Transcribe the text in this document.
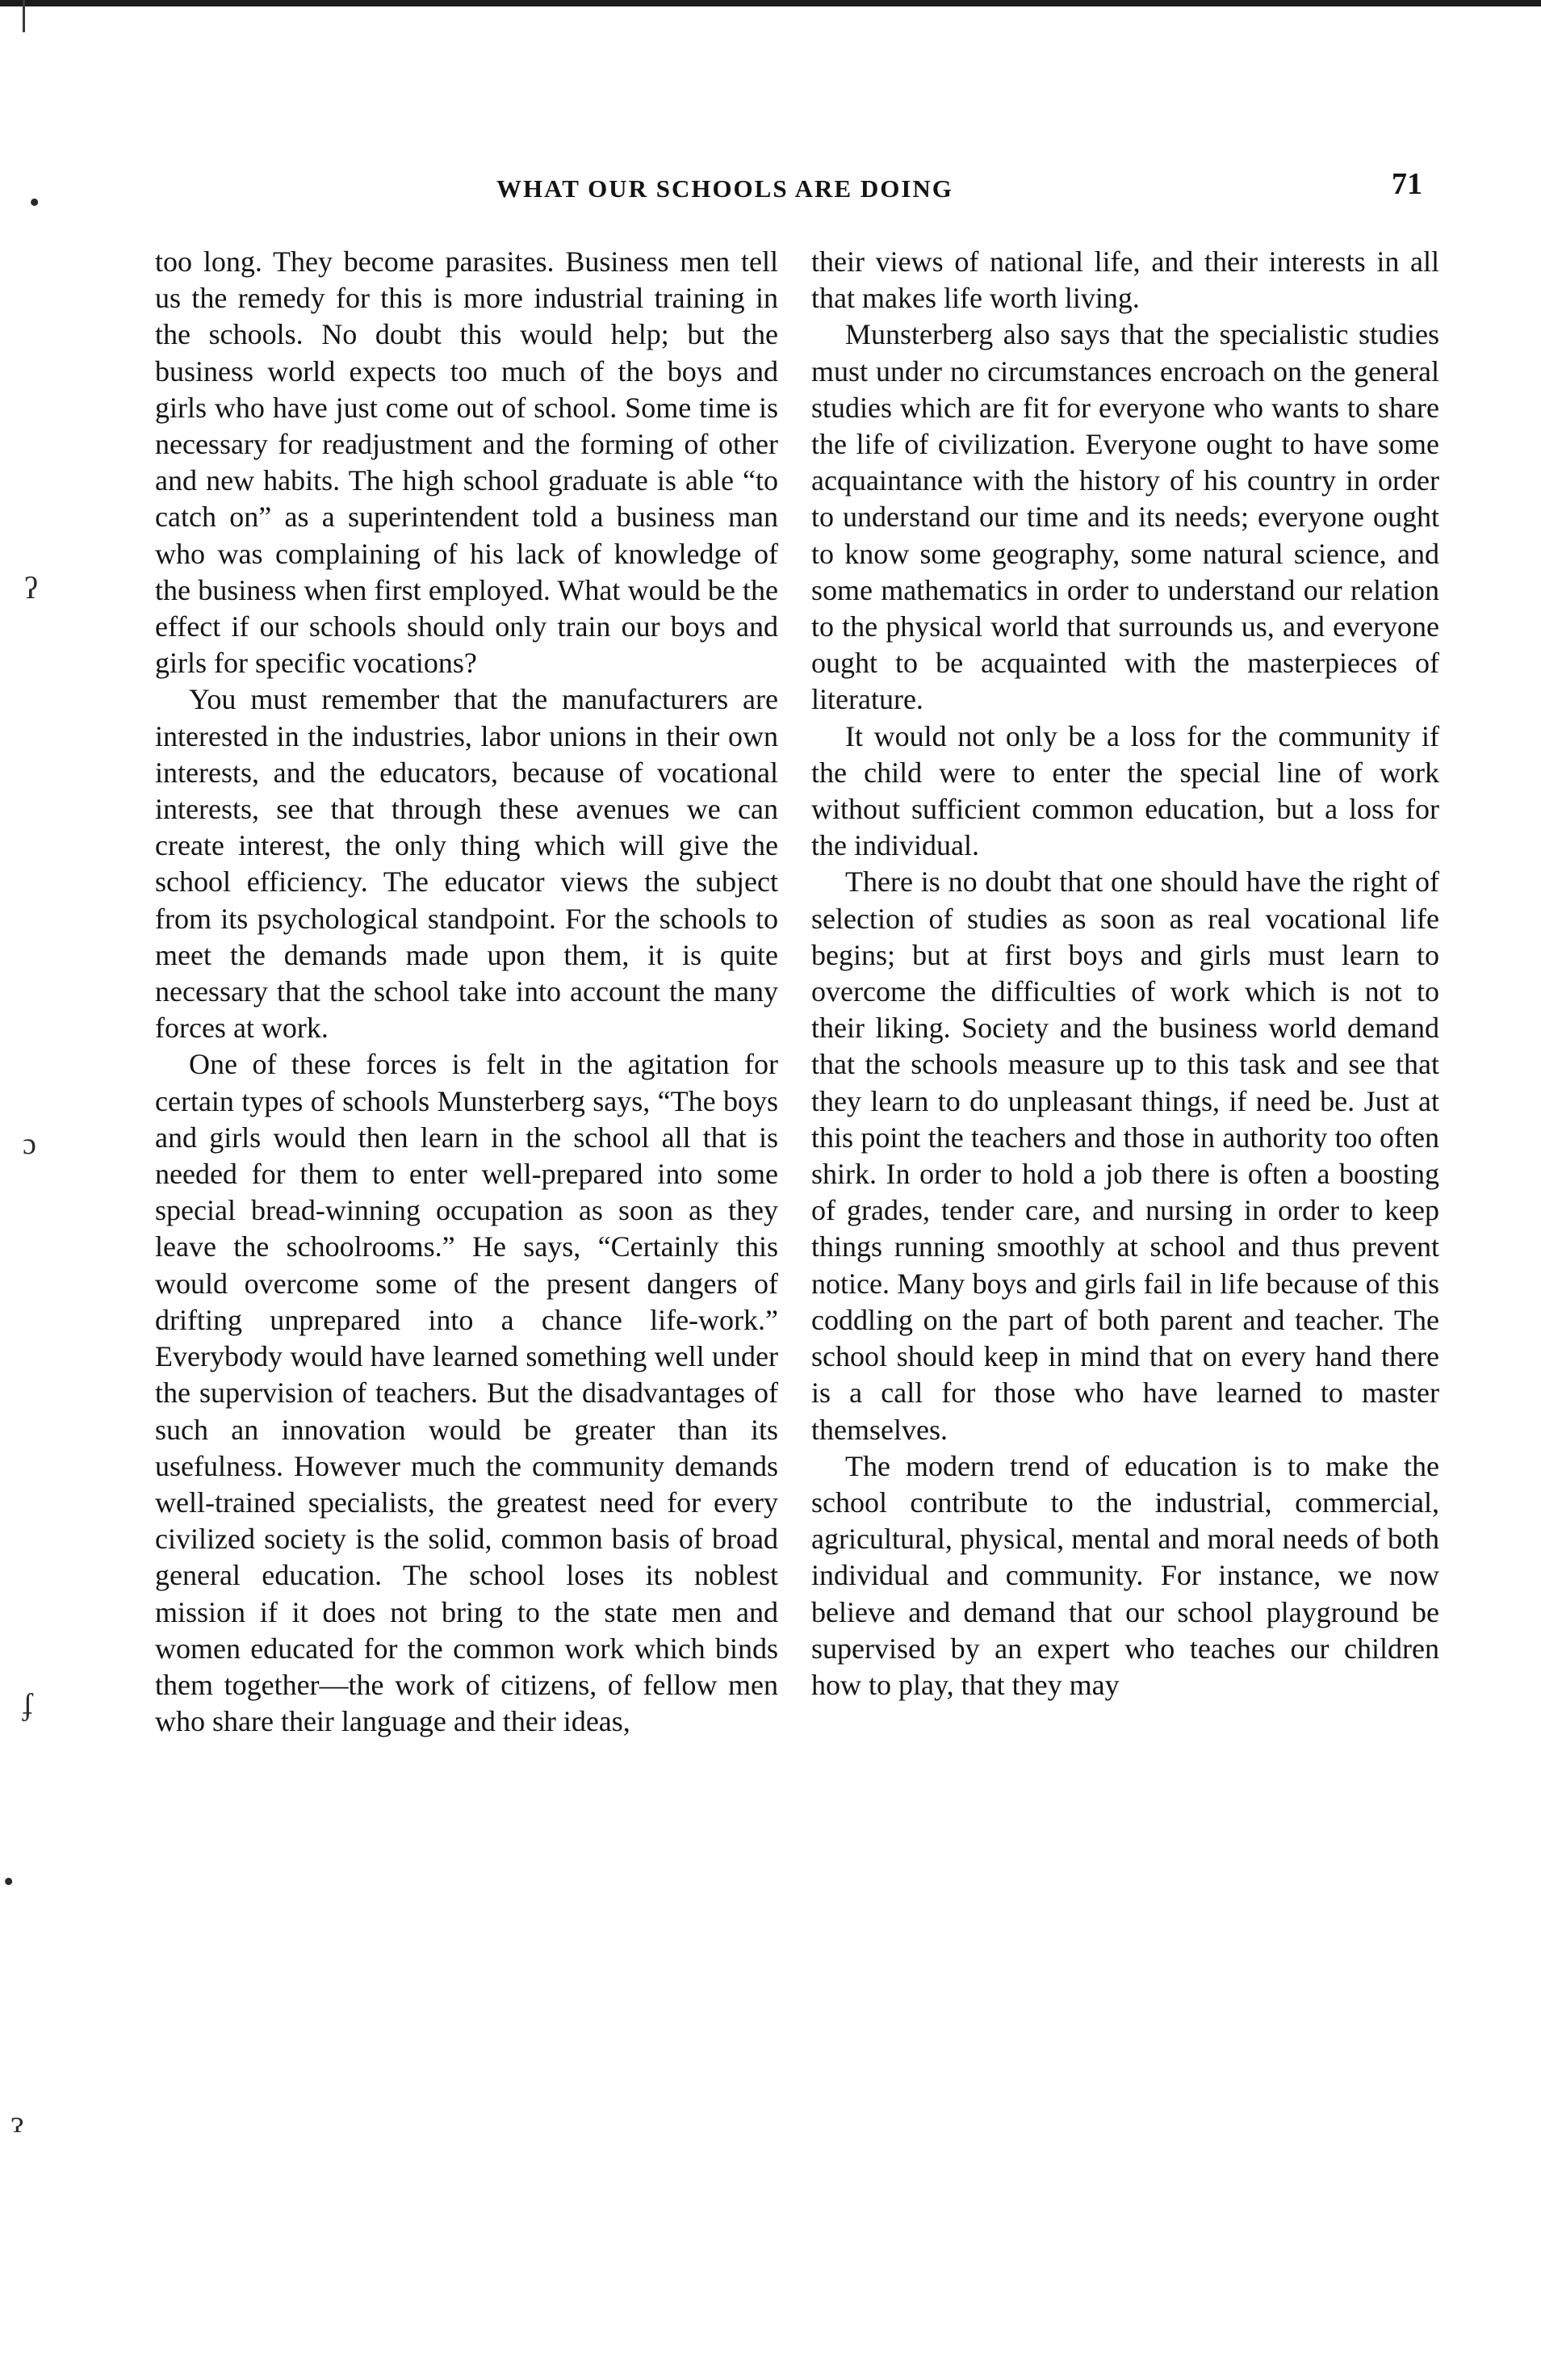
•
ʔ
ɔ
ʄ
•
ɂ
WHAT OUR SCHOOLS ARE DOING	71

too long. They become parasites. Business men tell us the remedy for this is more industrial training in the schools. No doubt this would help; but the business world expects too much of the boys and girls who have just come out of school. Some time is necessary for readjustment and the forming of other and new habits. The high school graduate is able “to catch on” as a superintendent told a business man who was complaining of his lack of knowledge of the business when first employed. What would be the effect if our schools should only train our boys and girls for specific vocations?

You must remember that the manufacturers are interested in the industries, labor unions in their own interests, and the educators, because of vocational interests, see that through these avenues we can create interest, the only thing which will give the school efficiency. The educator views the subject from its psychological standpoint. For the schools to meet the demands made upon them, it is quite necessary that the school take into account the many forces at work.

One of these forces is felt in the agitation for certain types of schools Munsterberg says, “The boys and girls would then learn in the school all that is needed for them to enter well-prepared into some special bread-winning occupation as soon as they leave the schoolrooms.” He says, “Certainly this would overcome some of the present dangers of drifting unprepared into a chance life-work.” Everybody would have learned something well under the supervision of teachers. But the disadvantages of such an innovation would be greater than its usefulness. However much the community demands well-trained specialists, the greatest need for every civilized society is the solid, common basis of broad general education. The school loses its noblest mission if it does not bring to the state men and women educated for the common work which binds them together—the work of citizens, of fellow men who share their language and their ideas,

their views of national life, and their interests in all that makes life worth living.

Munsterberg also says that the specialistic studies must under no circumstances encroach on the general studies which are fit for everyone who wants to share the life of civilization. Everyone ought to have some acquaintance with the history of his country in order to understand our time and its needs; everyone ought to know some geography, some natural science, and some mathematics in order to understand our relation to the physical world that surrounds us, and everyone ought to be acquainted with the masterpieces of literature.

It would not only be a loss for the community if the child were to enter the special line of work without sufficient common education, but a loss for the individual.

There is no doubt that one should have the right of selection of studies as soon as real vocational life begins; but at first boys and girls must learn to overcome the difficulties of work which is not to their liking. Society and the business world demand that the schools measure up to this task and see that they learn to do unpleasant things, if need be. Just at this point the teachers and those in authority too often shirk. In order to hold a job there is often a boosting of grades, tender care, and nursing in order to keep things running smoothly at school and thus prevent notice. Many boys and girls fail in life because of this coddling on the part of both parent and teacher. The school should keep in mind that on every hand there is a call for those who have learned to master themselves.

The modern trend of education is to make the school contribute to the industrial, commercial, agricultural, physical, mental and moral needs of both individual and community. For instance, we now believe and demand that our school playground be supervised by an expert who teaches our children how to play, that they may
